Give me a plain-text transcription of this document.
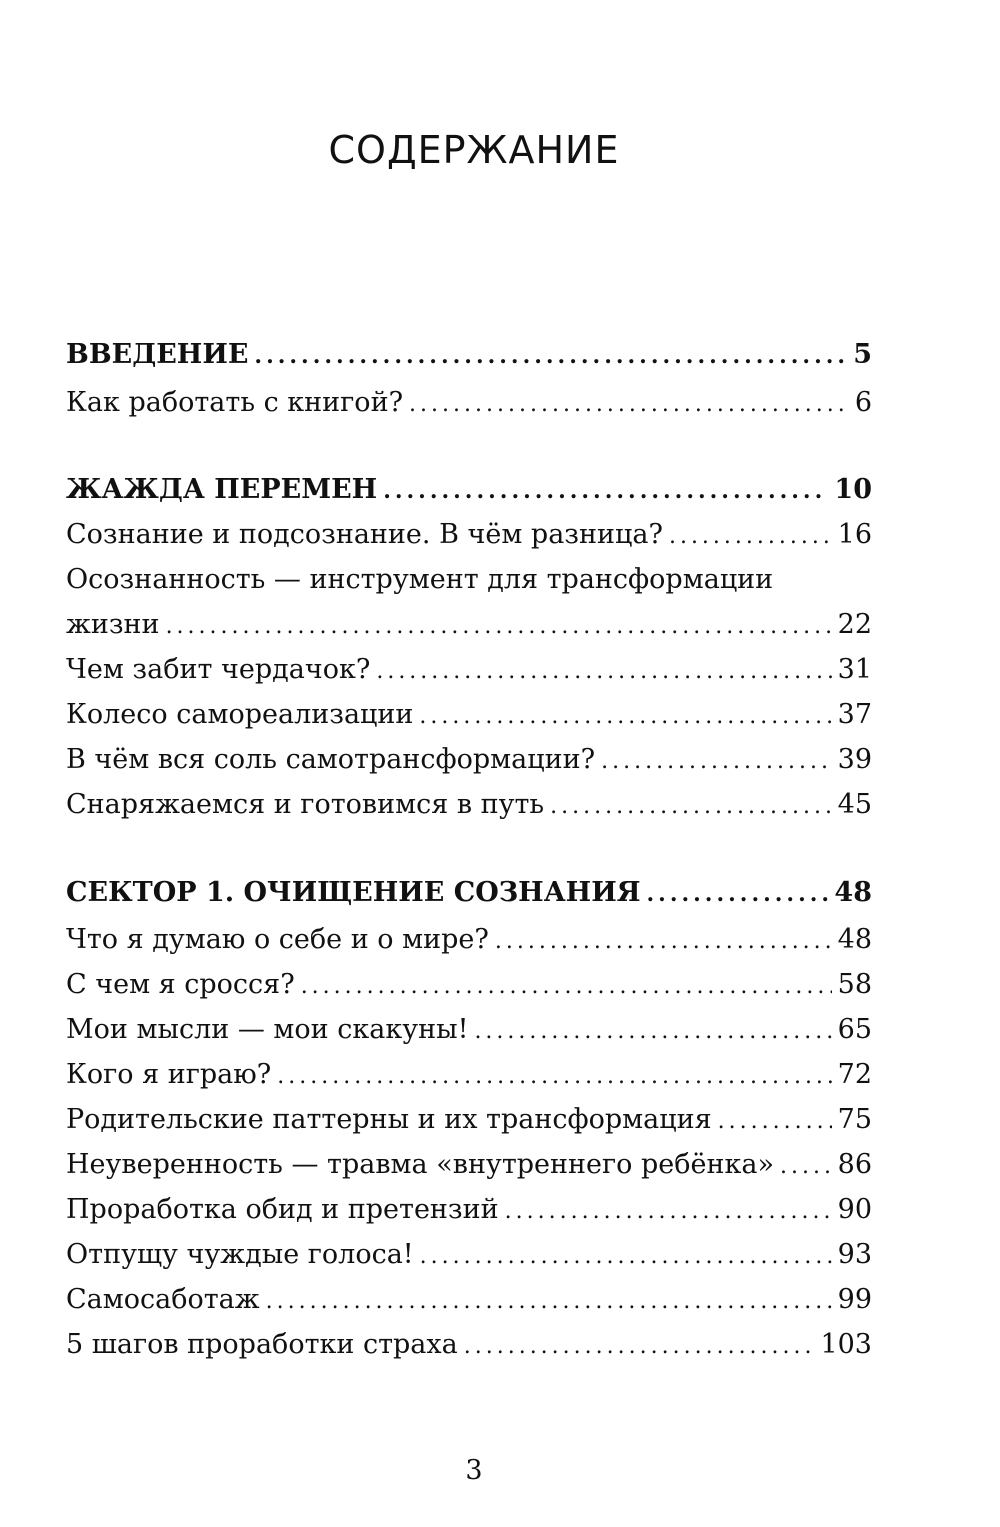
СОДЕРЖАНИЕ
ВВЕДЕНИЕ .....	5
Как работать с книгой? .....	6
ЖАЖДА ПЕРЕМЕН .....	10
Сознание и подсознание. В чём разница? .....	16
Осознанность — инструмент для трансформации
жизни .....	22
Чем забит чердачок? .....	31
Колесо самореализации .....	37
В чём вся соль самотрансформации? .....	39
Снаряжаемся и готовимся в путь .....	45
СЕКТОР 1. ОЧИЩЕНИЕ СОЗНАНИЯ .....	48
Что я думаю о себе и о мире? .....	48
С чем я сросся? .....	58
Мои мысли — мои скакуны! .....	65
Кого я играю? .....	72
Родительские паттерны и их трансформация .....	75
Неуверенность — травма «внутреннего ребёнка» ..... 86
Проработка обид и претензий .....	90
Отпущу чуждые голоса! .....	93
Самосаботаж .....	99
5 шагов проработки страха .....	103
3
